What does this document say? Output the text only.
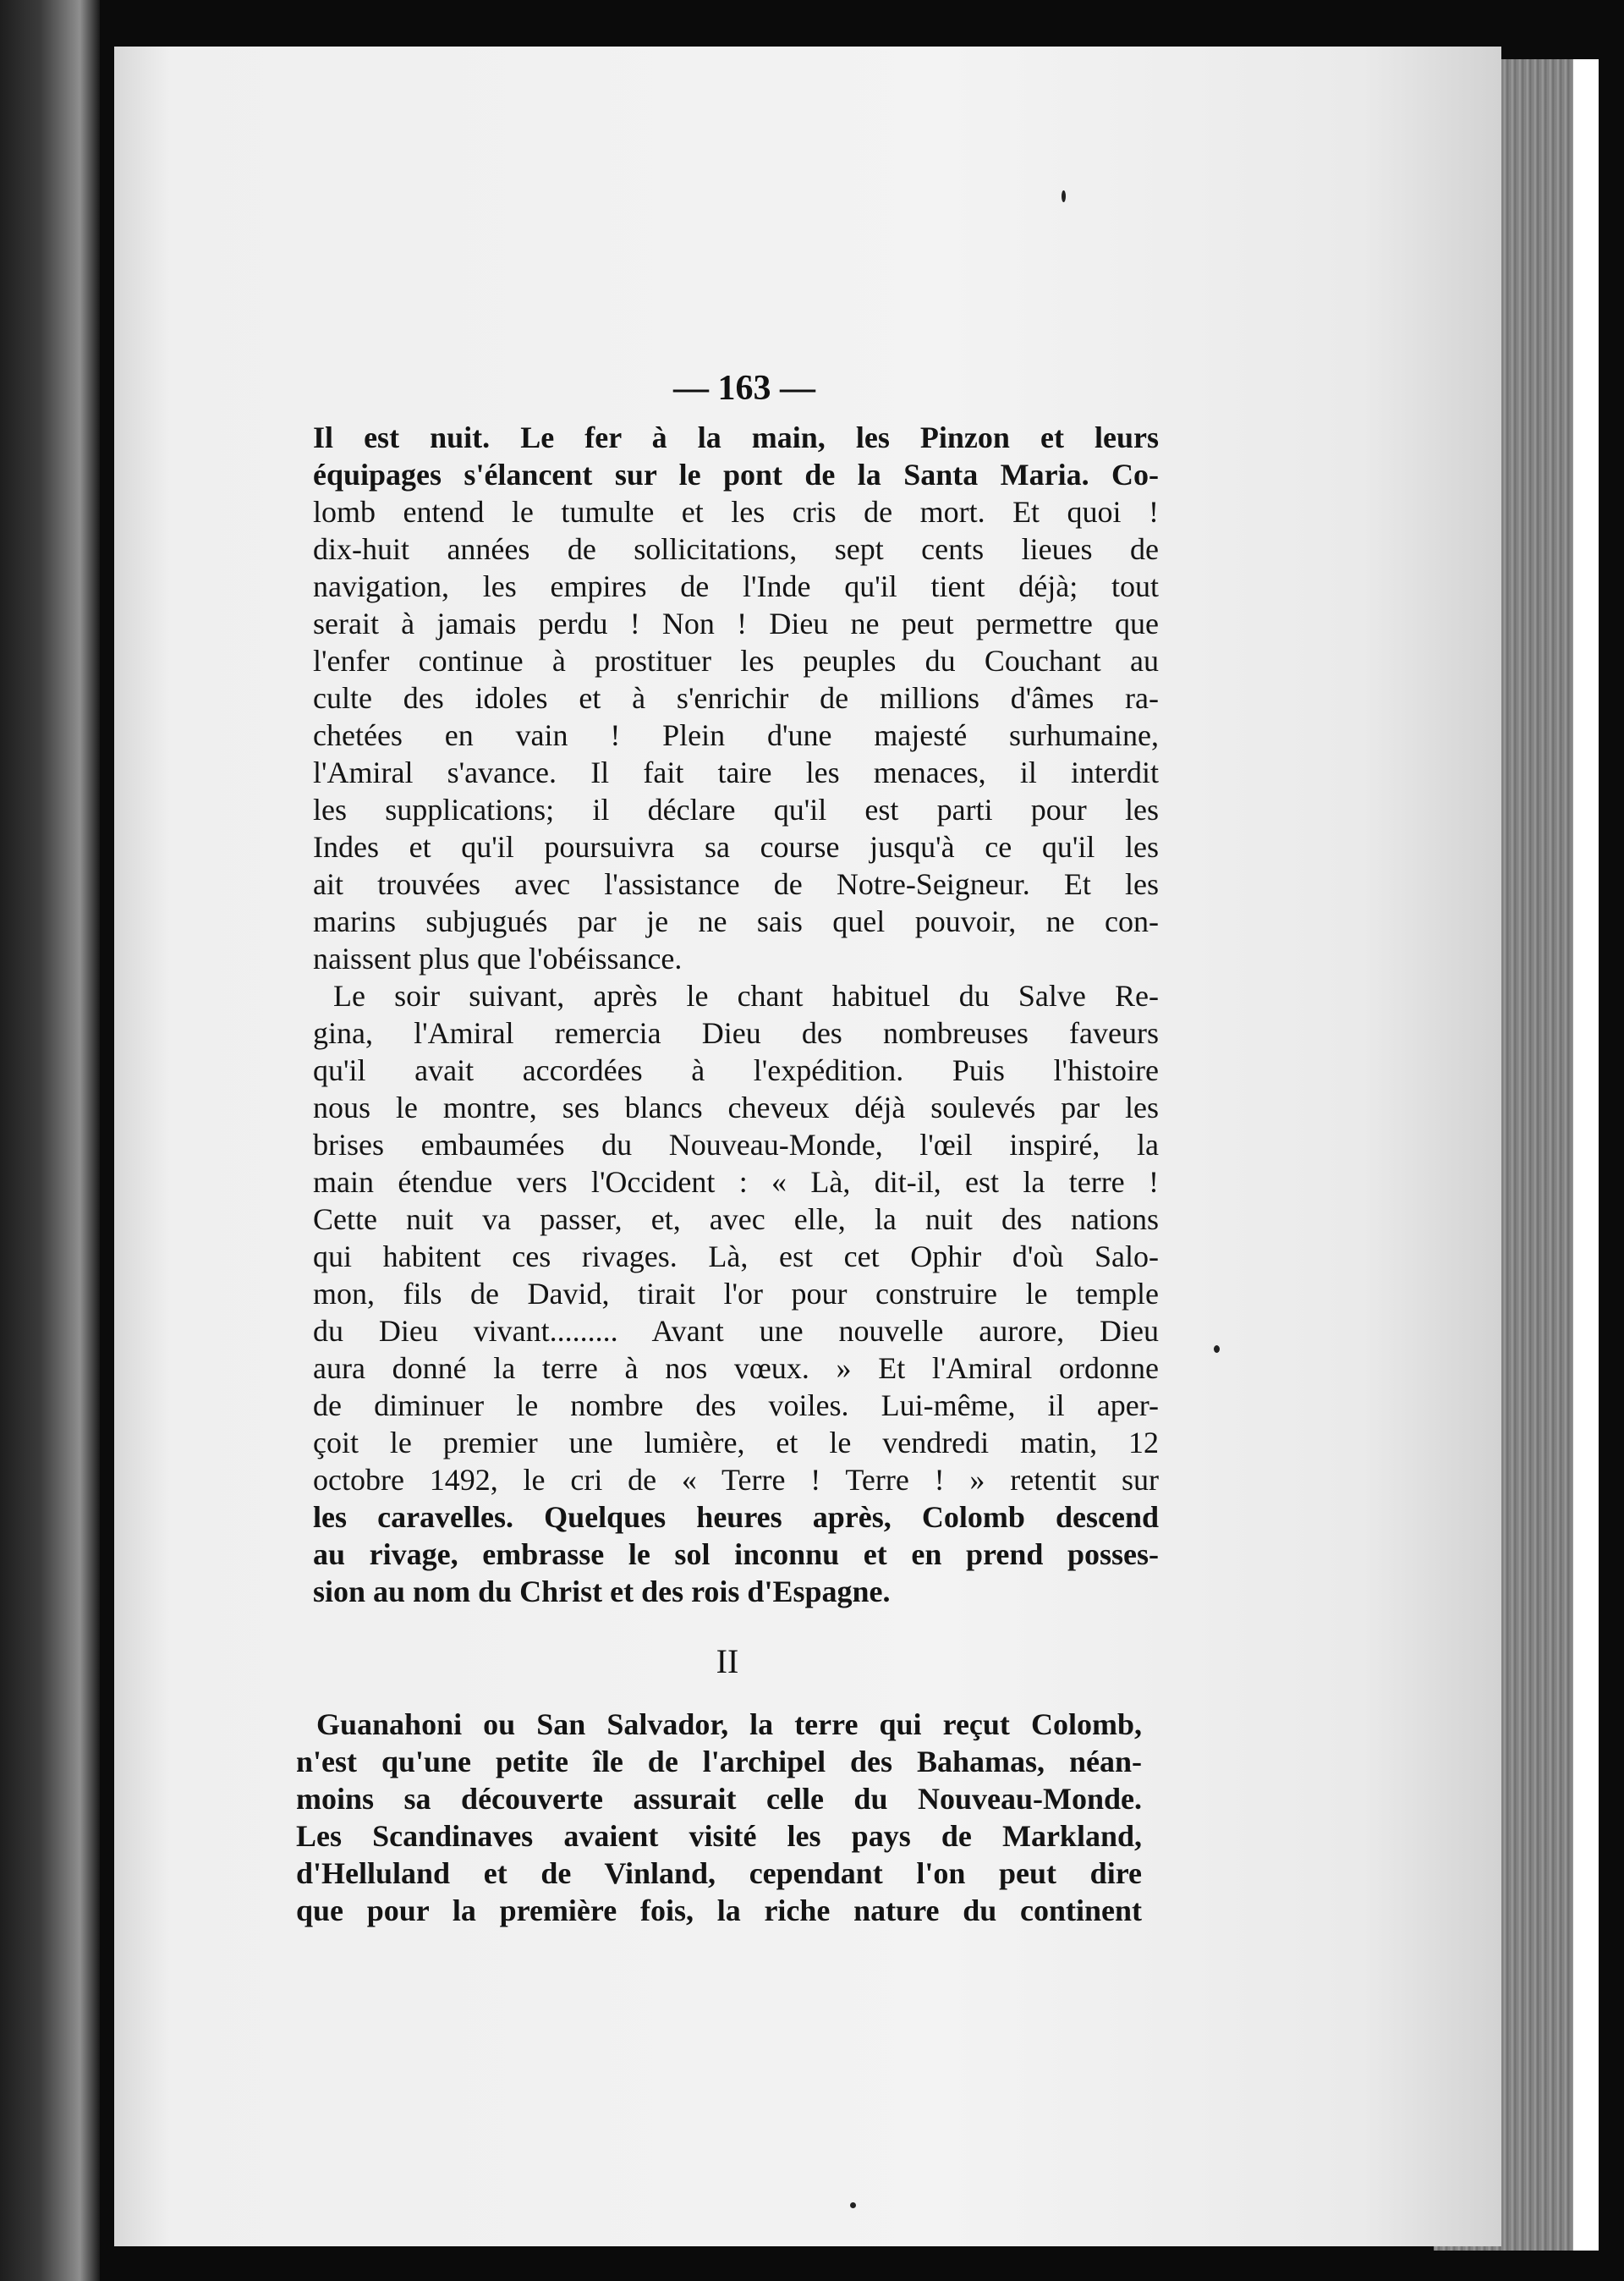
— 163 —
Il est nuit. Le fer à la main, les Pinzon et leurs
équipages s'élancent sur le pont de la Santa Maria. Co-
lomb entend le tumulte et les cris de mort. Et quoi !
dix-huit années de sollicitations, sept cents lieues de
navigation, les empires de l'Inde qu'il tient déjà; tout
serait à jamais perdu ! Non ! Dieu ne peut permettre que
l'enfer continue à prostituer les peuples du Couchant au
culte des idoles et à s'enrichir de millions d'âmes ra-
chetées en vain ! Plein d'une majesté surhumaine,
l'Amiral s'avance. Il fait taire les menaces, il interdit
les supplications; il déclare qu'il est parti pour les
Indes et qu'il poursuivra sa course jusqu'à ce qu'il les
ait trouvées avec l'assistance de Notre-Seigneur. Et les
marins subjugués par je ne sais quel pouvoir, ne con-
naissent plus que l'obéissance.
Le soir suivant, après le chant habituel du Salve Re-
gina, l'Amiral remercia Dieu des nombreuses faveurs
qu'il avait accordées à l'expédition. Puis l'histoire
nous le montre, ses blancs cheveux déjà soulevés par les
brises embaumées du Nouveau-Monde, l'œil inspiré, la
main étendue vers l'Occident : « Là, dit-il, est la terre !
Cette nuit va passer, et, avec elle, la nuit des nations
qui habitent ces rivages. Là, est cet Ophir d'où Salo-
mon, fils de David, tirait l'or pour construire le temple
du Dieu vivant......... Avant une nouvelle aurore, Dieu
aura donné la terre à nos vœux. » Et l'Amiral ordonne
de diminuer le nombre des voiles. Lui-même, il aper-
çoit le premier une lumière, et le vendredi matin, 12
octobre 1492, le cri de « Terre ! Terre ! » retentit sur
les caravelles. Quelques heures après, Colomb descend
au rivage, embrasse le sol inconnu et en prend posses-
sion au nom du Christ et des rois d'Espagne.
II
Guanahoni ou San Salvador, la terre qui reçut Colomb,
n'est qu'une petite île de l'archipel des Bahamas, néan-
moins sa découverte assurait celle du Nouveau-Monde.
Les Scandinaves avaient visité les pays de Markland,
d'Helluland et de Vinland, cependant l'on peut dire
que pour la première fois, la riche nature du continent
